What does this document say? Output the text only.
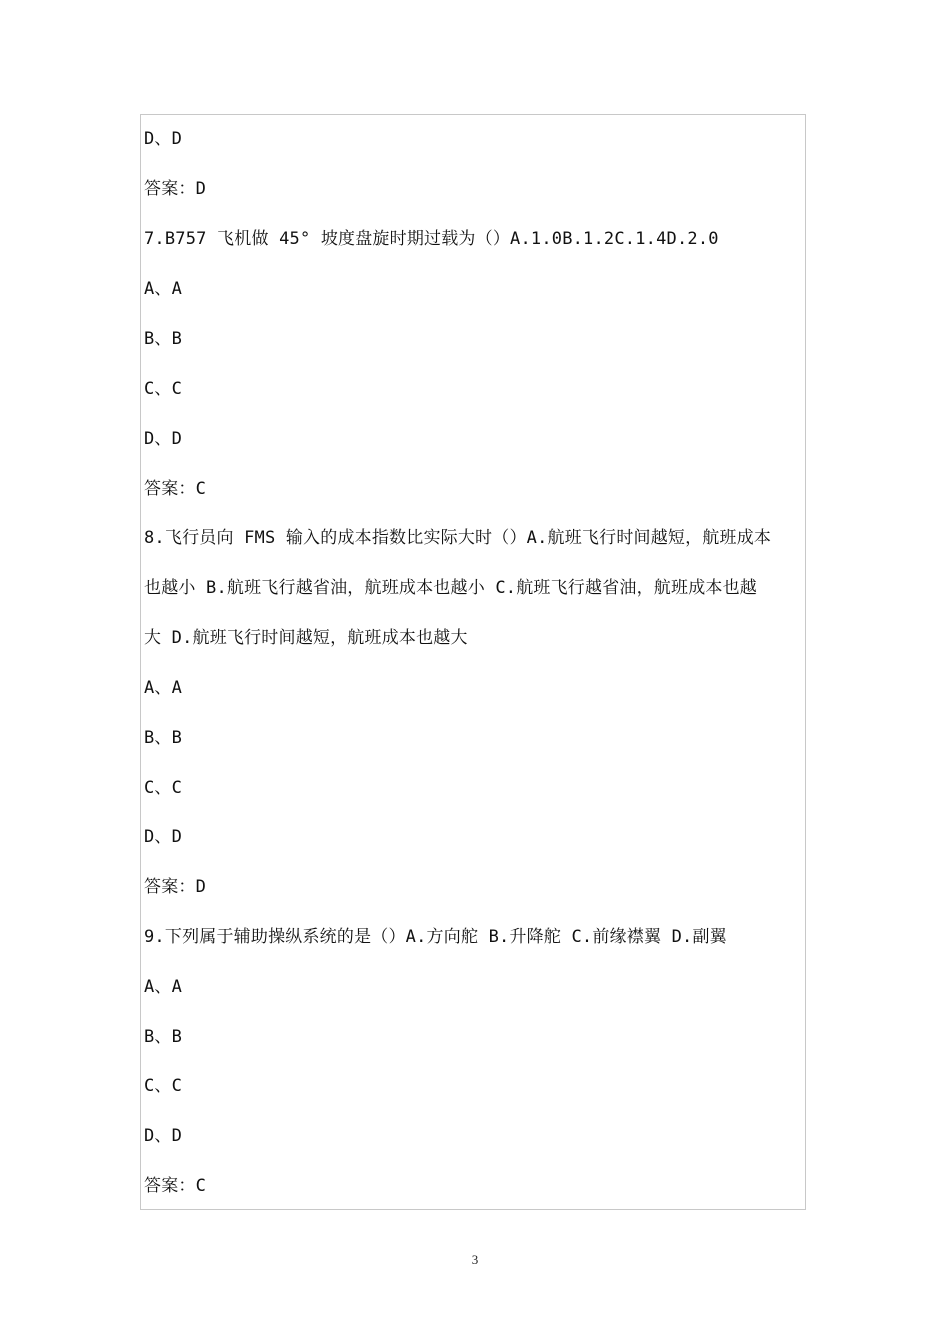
D、D
答案：D
7.B757 飞机做 45° 坡度盘旋时期过载为（）A.1.0B.1.2C.1.4D.2.0
A、A
B、B
C、C
D、D
答案：C
8.飞行员向 FMS 输入的成本指数比实际大时（）A.航班飞行时间越短，航班成本
也越小 B.航班飞行越省油，航班成本也越小 C.航班飞行越省油，航班成本也越
大 D.航班飞行时间越短，航班成本也越大
A、A
B、B
C、C
D、D
答案：D
9.下列属于辅助操纵系统的是（）A.方向舵 B.升降舵 C.前缘襟翼 D.副翼
A、A
B、B
C、C
D、D
答案：C
3
